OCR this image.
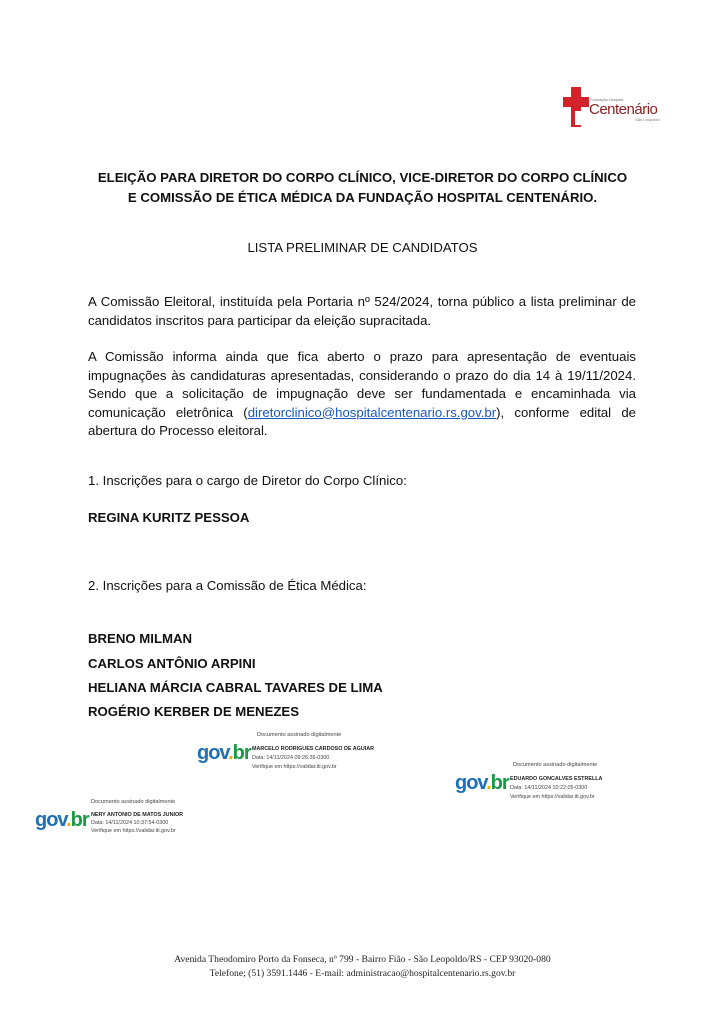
Fundação Hospital
Centenário
São Leopoldo
ELEIÇÃO PARA DIRETOR DO CORPO CLÍNICO, VICE-DIRETOR DO CORPO CLÍNICO
E COMISSÃO DE ÉTICA MÉDICA DA FUNDAÇÃO HOSPITAL CENTENÁRIO.
LISTA PRELIMINAR DE CANDIDATOS
A Comissão Eleitoral, instituída pela Portaria nº 524/2024, torna público a lista preliminar de candidatos inscritos para participar da eleição supracitada.
A Comissão informa ainda que fica aberto o prazo para apresentação de eventuais impugnações às candidaturas apresentadas, considerando o prazo do dia 14 à 19/11/2024. Sendo que a solicitação de impugnação deve ser fundamentada e encaminhada via comunicação eletrônica (diretorclinico@hospitalcentenario.rs.gov.br), conforme edital de abertura do Processo eleitoral.
1. Inscrições para o cargo de Diretor do Corpo Clínico:
REGINA KURITZ PESSOA
2. Inscrições para a Comissão de Ética Médica:
BRENO MILMAN
CARLOS ANTÔNIO ARPINI
HELIANA MÁRCIA CABRAL TAVARES DE LIMA
ROGÉRIO KERBER DE MENEZES
gov.br
Documento assinado digitalmente
MARCELO RODRIGUES CARDOSO DE AGUIAR
Data: 14/11/2024 09:26:36-0300
Verifique em https://validar.iti.gov.br
gov.br
Documento assinado digitalmente
EDUARDO GONCALVES ESTRELLA
Data: 14/11/2024 10:22:05-0300
Verifique em https://validar.iti.gov.br
gov.br
Documento assinado digitalmente
NERY ANTONIO DE MATOS JUNIOR
Data: 14/11/2024 10:37:54-0300
Verifique em https://validar.iti.gov.br
Avenida Theodomiro Porto da Fonseca, nº 799 - Bairro Fião - São Leopoldo/RS - CEP 93020-080
Telefone; (51) 3591.1446 - E-mail: administracao@hospitalcentenario.rs.gov.br
